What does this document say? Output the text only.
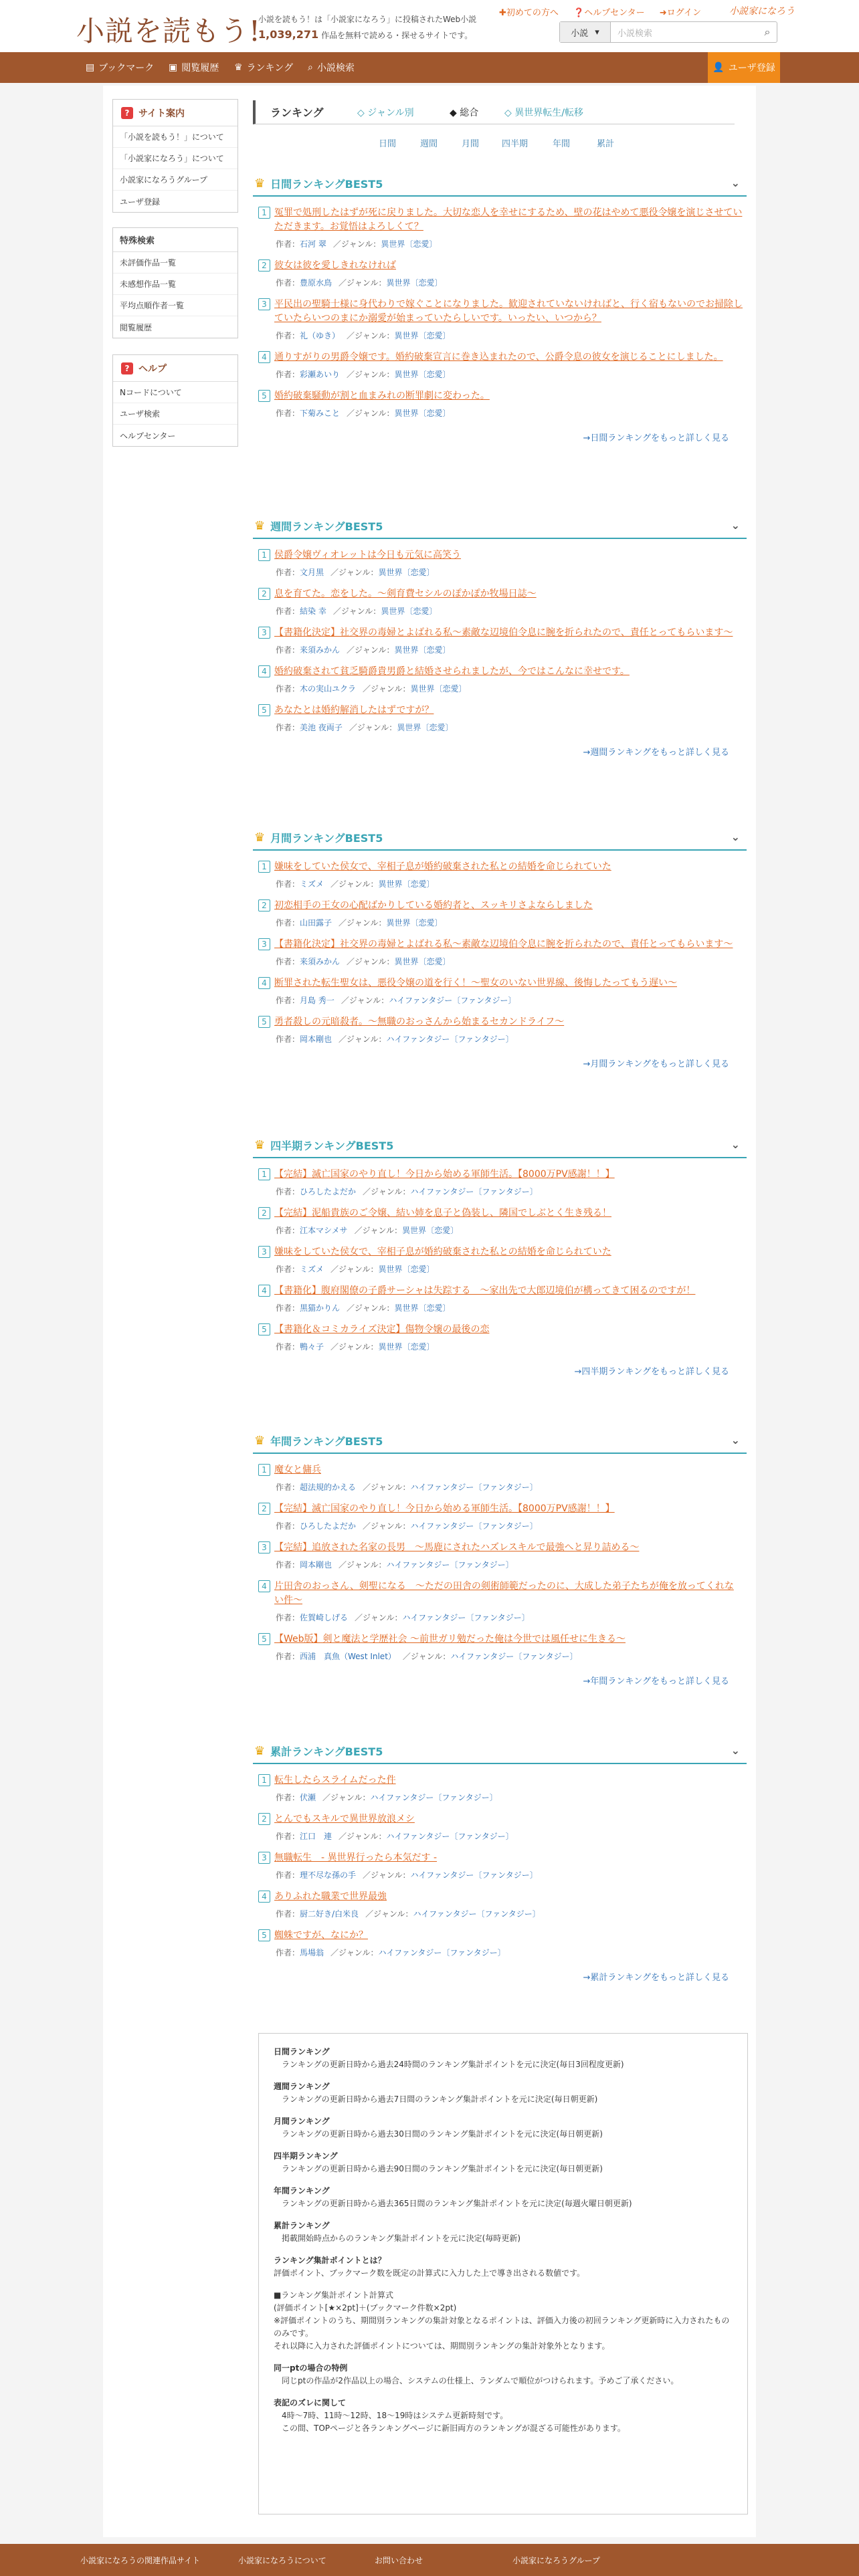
小説を読もう!
小説を読もう！は「小説家になろう」に投稿されたWeb小説
1,039,271 作品を無料で読める・探せるサイトです。
✚初めての方へ ❓ヘルプセンター ➜ログイン	小説家になろう
小説 ▾	小説検索	⌕
▤ ブックマーク ▣ 閲覧履歴 ♛ ランキング ⌕ 小説検索	👤 ユーザ登録
? サイト案内
「小説を読もう！」について
「小説家になろう」について
小説家になろうグループ
ユーザ登録
特殊検索
未評価作品一覧
未感想作品一覧
平均点順作者一覧
閲覧履歴
? ヘルプ
Nコードについて
ユーザ検索
ヘルプセンター
ランキング	◇ ジャンル別	◆ 総合	◇ 異世界転生/転移
日間	週間	月間	四半期	年間	累計
♛ 日間ランキングBEST5	⌄
1 冤罪で処刑したはずが死に戻りました。大切な恋人を幸せにするため、壁の花はやめて悪役令嬢を演じさせていただきます。お覚悟はよろしくて？
作者：石河 翠 ／ジャンル：異世界〔恋愛〕
2 彼女は彼を愛しきれなければ
作者：豊原水鳥 ／ジャンル：異世界〔恋愛〕
3 平民出の聖騎士様に身代わりで嫁ぐことになりました。歓迎されていないければと、行く宿もないのでお掃除していたらいつのまにか溺愛が始まっていたらしいです。いったい、いつから？
作者：礼（ゆき） ／ジャンル：異世界〔恋愛〕
4 通りすがりの男爵令嬢です。婚約破棄宣言に巻き込まれたので、公爵令息の彼女を演じることにしました。
作者：彩瀬あいり ／ジャンル：異世界〔恋愛〕
5 婚約破棄騒動が割と血まみれの断罪劇に変わった。
作者：下菊みこと ／ジャンル：異世界〔恋愛〕
→日間ランキングをもっと詳しく見る
♛ 週間ランキングBEST5	⌄
1 侯爵令嬢ヴィオレットは今日も元気に高笑う
作者：文月黒 ／ジャンル：異世界〔恋愛〕
2 息を育てた。恋をした。〜剣育費セシルのぽかぽか牧場日誌〜
作者：結染 幸 ／ジャンル：異世界〔恋愛〕
3 【書籍化決定】社交界の毒婦とよばれる私〜素敵な辺境伯令息に腕を折られたので、責任とってもらいます〜
作者：来須みかん ／ジャンル：異世界〔恋愛〕
4 婚約破棄されて貧乏騎爵貴男爵と結婚させられましたが、今ではこんなに幸せです。
作者：木の実山ユクラ ／ジャンル：異世界〔恋愛〕
5 あなたとは婚約解消したはずですが？
作者：美池 夜両子 ／ジャンル：異世界〔恋愛〕
→週間ランキングをもっと詳しく見る
♛ 月間ランキングBEST5	⌄
1 嫌味をしていた侯女で、宰相子息が婚約破棄された私との結婚を命じられていた
作者：ミズメ ／ジャンル：異世界〔恋愛〕
2 初恋相手の王女の心配ばかりしている婚約者と、スッキリさよならしました
作者：山田露子 ／ジャンル：異世界〔恋愛〕
3 【書籍化決定】社交界の毒婦とよばれる私〜素敵な辺境伯令息に腕を折られたので、責任とってもらいます〜
作者：来須みかん ／ジャンル：異世界〔恋愛〕
4 断罪された転生聖女は、悪役令嬢の道を行く！〜聖女のいない世界線、後悔したってもう遅い〜
作者：月島 秀一 ／ジャンル：ハイファンタジー〔ファンタジー〕
5 勇者殺しの元暗殺者。〜無職のおっさんから始まるセカンドライフ〜
作者：岡本剛也 ／ジャンル：ハイファンタジー〔ファンタジー〕
→月間ランキングをもっと詳しく見る
♛ 四半期ランキングBEST5	⌄
1 【完結】滅亡国家のやり直し！今日から始める軍師生活。【8000万PV感謝！！】
作者：ひろしたよだか ／ジャンル：ハイファンタジー〔ファンタジー〕
2 【完結】泥船貴族のご令嬢、結い姉を息子と偽装し、隣国でしぶとく生き残る！
作者：江本マシメサ ／ジャンル：異世界〔恋愛〕
3 嫌味をしていた侯女で、宰相子息が婚約破棄された私との結婚を命じられていた
作者：ミズメ ／ジャンル：異世界〔恋愛〕
4 【書籍化】腹府閣僚の子爵サーシャは失踪する　〜家出先で大郎辺境伯が構ってきて困るのですが！
作者：黒猫かりん ／ジャンル：異世界〔恋愛〕
5 【書籍化＆コミカライズ決定】傷物令嬢の最後の恋
作者：鴨々子 ／ジャンル：異世界〔恋愛〕
→四半期ランキングをもっと詳しく見る
♛ 年間ランキングBEST5	⌄
1 魔女と傭兵
作者：超法規的かえる ／ジャンル：ハイファンタジー〔ファンタジー〕
2 【完結】滅亡国家のやり直し！今日から始める軍師生活。【8000万PV感謝！！】
作者：ひろしたよだか ／ジャンル：ハイファンタジー〔ファンタジー〕
3 【完結】追放された名家の長男　〜馬鹿にされたハズレスキルで最強へと昇り詰める〜
作者：岡本剛也 ／ジャンル：ハイファンタジー〔ファンタジー〕
4 片田舎のおっさん、剣聖になる　〜ただの田舎の剣術師範だったのに、大成した弟子たちが俺を放ってくれない件〜
作者：佐賀崎しげる ／ジャンル：ハイファンタジー〔ファンタジー〕
5 【Web版】剣と魔法と学歴社会 〜前世ガリ勉だった俺は今世では風任せに生きる〜
作者：西浦　真魚（West Inlet） ／ジャンル：ハイファンタジー〔ファンタジー〕
→年間ランキングをもっと詳しく見る
♛ 累計ランキングBEST5	⌄
1 転生したらスライムだった件
作者：伏瀬 ／ジャンル：ハイファンタジー〔ファンタジー〕
2 とんでもスキルで異世界放浪メシ
作者：江口　連 ／ジャンル：ハイファンタジー〔ファンタジー〕
3 無職転生　- 異世界行ったら本気だす -
作者：理不尽な孫の手 ／ジャンル：ハイファンタジー〔ファンタジー〕
4 ありふれた職業で世界最強
作者：厨二好き/白米良 ／ジャンル：ハイファンタジー〔ファンタジー〕
5 蜘蛛ですが、なにか？
作者：馬場翁 ／ジャンル：ハイファンタジー〔ファンタジー〕
→累計ランキングをもっと詳しく見る
日間ランキング
ランキングの更新日時から過去24時間のランキング集計ポイントを元に決定(毎日3回程度更新)
週間ランキング
ランキングの更新日時から過去7日間のランキング集計ポイントを元に決定(毎日朝更新)
月間ランキング
ランキングの更新日時から過去30日間のランキング集計ポイントを元に決定(毎日朝更新)
四半期ランキング
ランキングの更新日時から過去90日間のランキング集計ポイントを元に決定(毎日朝更新)
年間ランキング
ランキングの更新日時から過去365日間のランキング集計ポイントを元に決定(毎週火曜日朝更新)
累計ランキング
掲載開始時点からのランキング集計ポイントを元に決定(毎時更新)
ランキング集計ポイントとは？
評価ポイント、ブックマーク数を既定の計算式に入力した上で導き出される数値です。
■ランキング集計ポイント計算式
(評価ポイント[★×2pt]＋(ブックマーク件数×2pt)
※評価ポイントのうち、期間別ランキングの集計対象となるポイントは、評価入力後の初回ランキング更新時に入力されたもののみです。
それ以降に入力された評価ポイントについては、期間別ランキングの集計対象外となります。
同一ptの場合の特例
同じptの作品が2作品以上の場合、システムの仕様上、ランダムで順位がつけられます。予めご了承ください。
表記のズレに関して
4時〜7時、11時〜12時、18〜19時はシステム更新時刻です。
この間、TOPページと各ランキングページに新旧両方のランキングが混ざる可能性があります。
小説家になろうの関連作品サイト	小説家になろうについて	お問い合わせ	小説家になろうグループ
